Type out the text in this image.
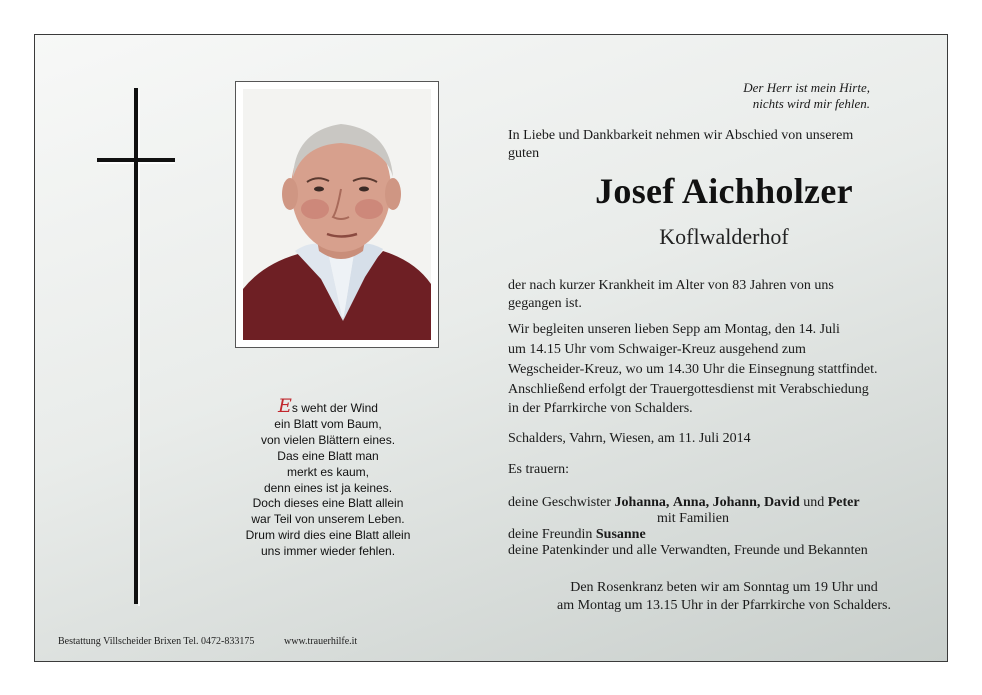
Es weht der Wind
ein Blatt vom Baum,
von vielen Blättern eines.
Das eine Blatt man
merkt es kaum,
denn eines ist ja keines.
Doch dieses eine Blatt allein
war Teil von unserem Leben.
Drum wird dies eine Blatt allein
uns immer wieder fehlen.
Der Herr ist mein Hirte,
nichts wird mir fehlen.
In Liebe und Dankbarkeit nehmen wir Abschied von unserem
guten
Josef Aichholzer
Koflwalderhof
der nach kurzer Krankheit im Alter von 83 Jahren von uns
gegangen ist.
Wir begleiten unseren lieben Sepp am Montag, den 14. Juli
um 14.15 Uhr vom Schwaiger-Kreuz ausgehend zum
Wegscheider-Kreuz, wo um 14.30 Uhr die Einsegnung stattfindet.
Anschließend erfolgt der Trauergottesdienst mit Verabschiedung
in der Pfarrkirche von Schalders.
Schalders, Vahrn, Wiesen, am 11. Juli 2014
Es trauern:
deine Geschwister Johanna, Anna, Johann, David und Peter
mit Familien
deine Freundin Susanne
deine Patenkinder und alle Verwandten, Freunde und Bekannten
Den Rosenkranz beten wir am Sonntag um 19 Uhr und
am Montag um 13.15 Uhr in der Pfarrkirche von Schalders.
Bestattung Villscheider Brixen Tel. 0472-833175	www.trauerhilfe.it
